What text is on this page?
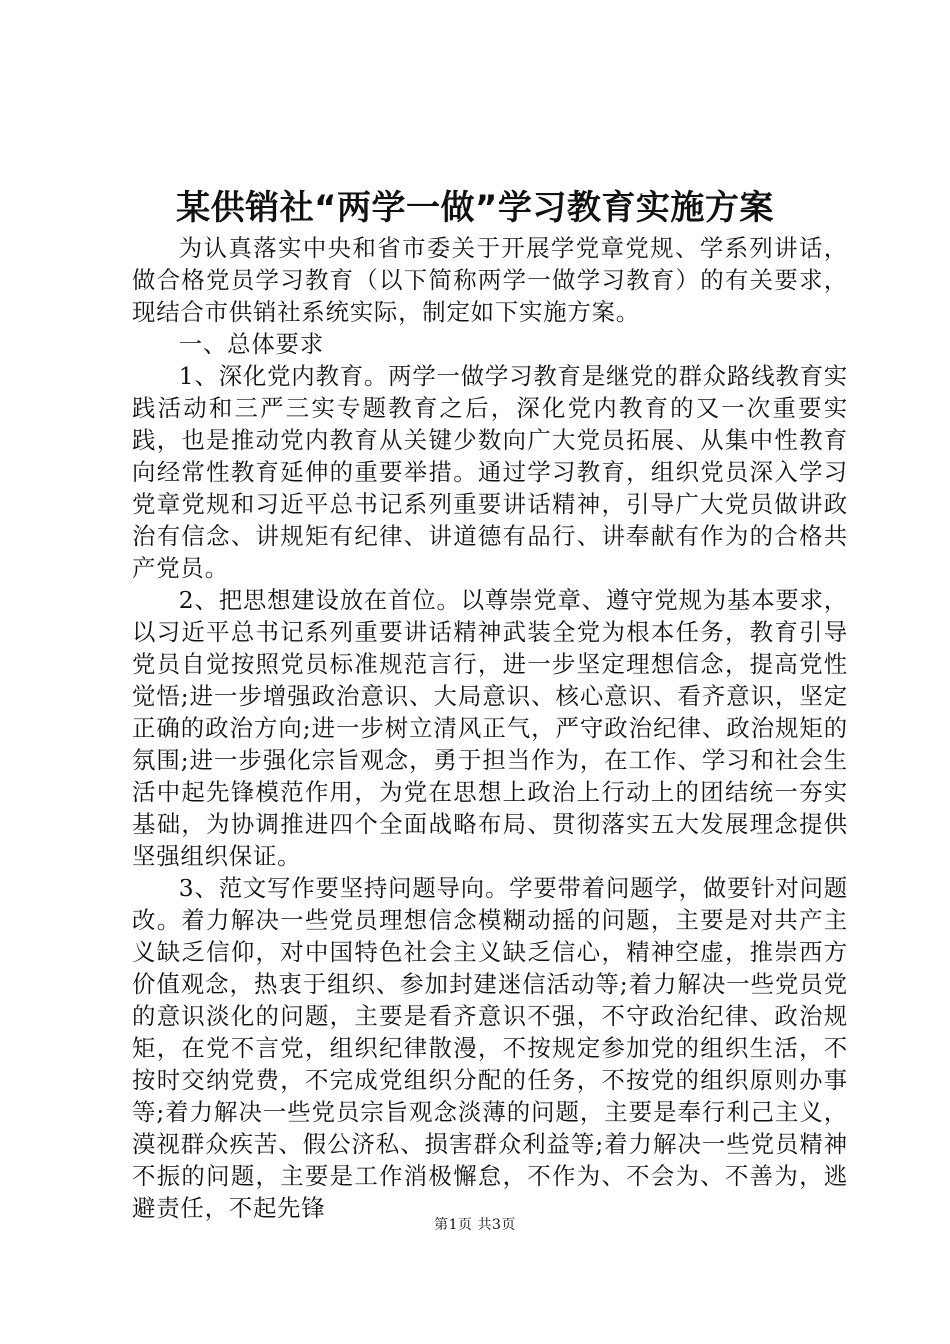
某供销社“两学一做”学习教育实施方案

为认真落实中央和省市委关于开展学党章党规、学系列讲话，做合格党员学习教育（以下简称两学一做学习教育）的有关要求，现结合市供销社系统实际，制定如下实施方案。

一、总体要求

1、深化党内教育。两学一做学习教育是继党的群众路线教育实践活动和三严三实专题教育之后，深化党内教育的又一次重要实践，也是推动党内教育从关键少数向广大党员拓展、从集中性教育向经常性教育延伸的重要举措。通过学习教育，组织党员深入学习党章党规和习近平总书记系列重要讲话精神，引导广大党员做讲政治有信念、讲规矩有纪律、讲道德有品行、讲奉献有作为的合格共产党员。

2、把思想建设放在首位。以尊崇党章、遵守党规为基本要求，以习近平总书记系列重要讲话精神武装全党为根本任务，教育引导党员自觉按照党员标准规范言行，进一步坚定理想信念，提高党性觉悟;进一步增强政治意识、大局意识、核心意识、看齐意识，坚定正确的政治方向;进一步树立清风正气，严守政治纪律、政治规矩的氛围;进一步强化宗旨观念，勇于担当作为，在工作、学习和社会生活中起先锋模范作用，为党在思想上政治上行动上的团结统一夯实基础，为协调推进四个全面战略布局、贯彻落实五大发展理念提供坚强组织保证。

3、范文写作要坚持问题导向。学要带着问题学，做要针对问题改。着力解决一些党员理想信念模糊动摇的问题，主要是对共产主义缺乏信仰，对中国特色社会主义缺乏信心，精神空虚，推崇西方价值观念，热衷于组织、参加封建迷信活动等;着力解决一些党员党的意识淡化的问题，主要是看齐意识不强，不守政治纪律、政治规矩，在党不言党，组织纪律散漫，不按规定参加党的组织生活，不按时交纳党费，不完成党组织分配的任务，不按党的组织原则办事等;着力解决一些党员宗旨观念淡薄的问题，主要是奉行利己主义，漠视群众疾苦、假公济私、损害群众利益等;着力解决一些党员精神不振的问题，主要是工作消极懈怠，不作为、不会为、不善为，逃避责任，不起先锋

第1页 共3页
